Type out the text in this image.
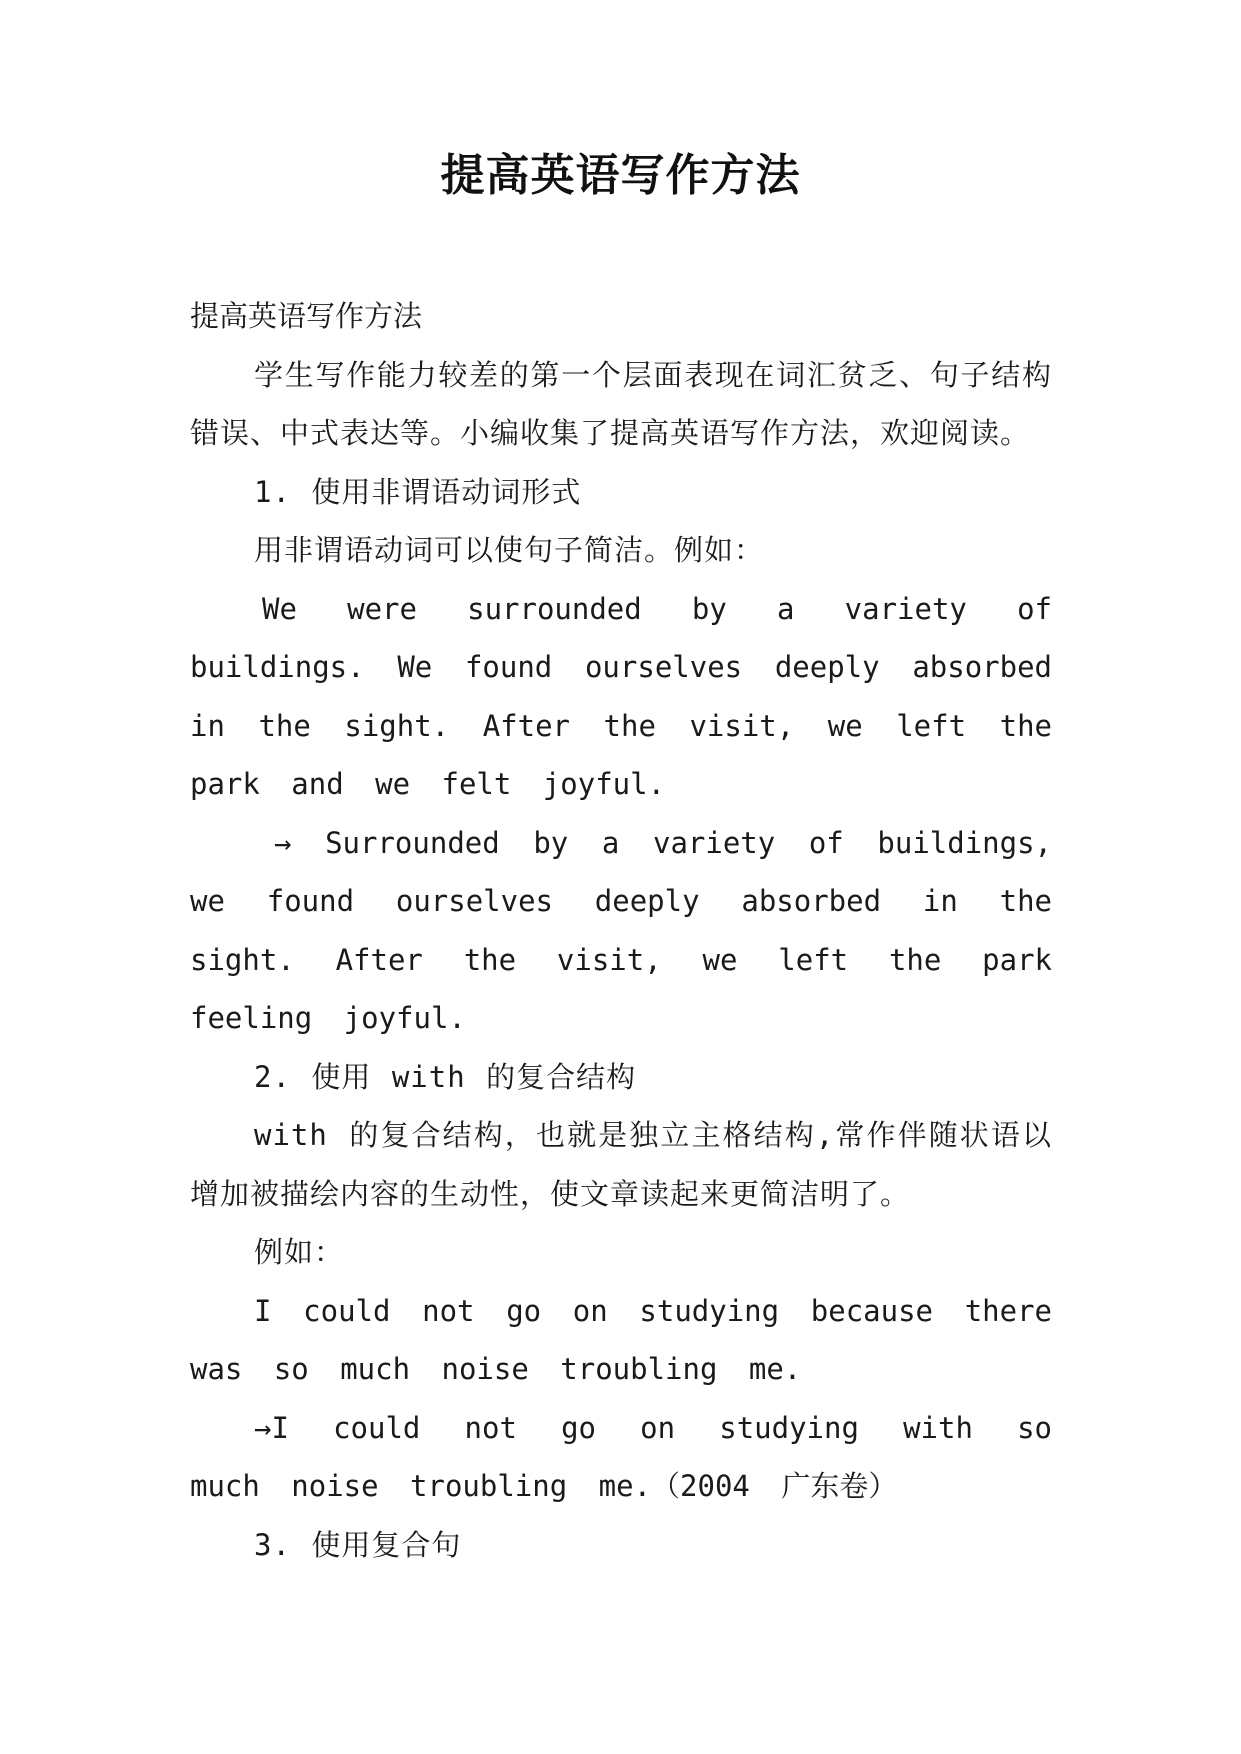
提高英语写作方法

提高英语写作方法

学生写作能力较差的第一个层面表现在词汇贫乏、句子结构错误、中式表达等。小编收集了提高英语写作方法，欢迎阅读。

1. 使用非谓语动词形式

用非谓语动词可以使句子简洁。例如：

We were surrounded by a variety of buildings. We found ourselves deeply absorbed in the sight. After the visit, we left the park and we felt joyful.

→ Surrounded by a variety of buildings, we found ourselves deeply absorbed in the sight. After the visit, we left the park feeling joyful.

2. 使用 with 的复合结构

with 的复合结构，也就是独立主格结构,常作伴随状语以增加被描绘内容的生动性，使文章读起来更简洁明了。

例如：

I could not go on studying because there was so much noise troubling me.

→I could not go on studying with so much noise troubling me.（2004 广东卷）

3. 使用复合句
